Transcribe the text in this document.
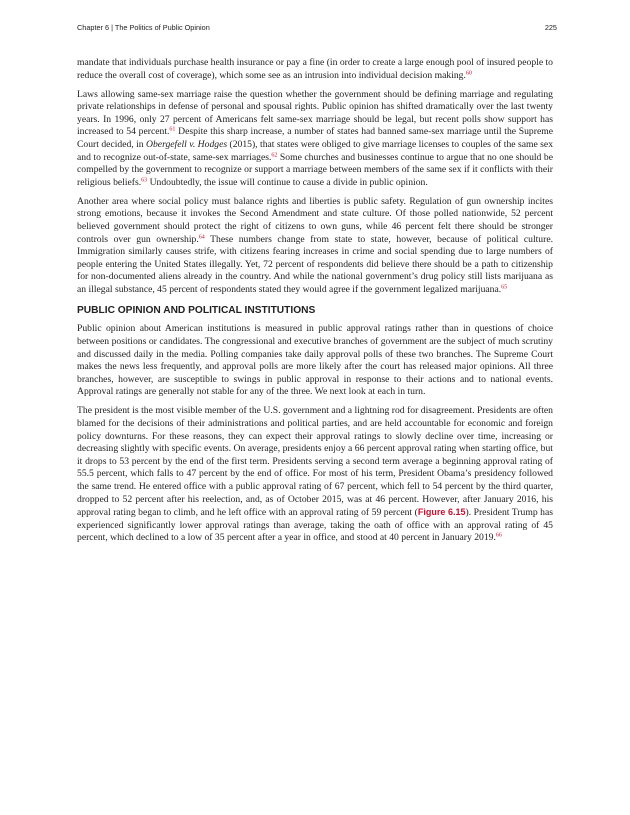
Chapter 6 | The Politics of Public Opinion	225

mandate that individuals purchase health insurance or pay a fine (in order to create a large enough pool of insured people to reduce the overall cost of coverage), which some see as an intrusion into individual decision making.$^{60}$

Laws allowing same-sex marriage raise the question whether the government should be defining marriage and regulating private relationships in defense of personal and spousal rights. Public opinion has shifted dramatically over the last twenty years. In 1996, only 27 percent of Americans felt same-sex marriage should be legal, but recent polls show support has increased to 54 percent.$^{61}$ Despite this sharp increase, a number of states had banned same-sex marriage until the Supreme Court decided, in Obergefell v. Hodges (2015), that states were obliged to give marriage licenses to couples of the same sex and to recognize out-of-state, same-sex marriages.$^{62}$ Some churches and businesses continue to argue that no one should be compelled by the government to recognize or support a marriage between members of the same sex if it conflicts with their religious beliefs.$^{63}$ Undoubtedly, the issue will continue to cause a divide in public opinion.

Another area where social policy must balance rights and liberties is public safety. Regulation of gun ownership incites strong emotions, because it invokes the Second Amendment and state culture. Of those polled nationwide, 52 percent believed government should protect the right of citizens to own guns, while 46 percent felt there should be stronger controls over gun ownership.$^{64}$ These numbers change from state to state, however, because of political culture. Immigration similarly causes strife, with citizens fearing increases in crime and social spending due to large numbers of people entering the United States illegally. Yet, 72 percent of respondents did believe there should be a path to citizenship for non-documented aliens already in the country. And while the national government’s drug policy still lists marijuana as an illegal substance, 45 percent of respondents stated they would agree if the government legalized marijuana.$^{65}$

PUBLIC OPINION AND POLITICAL INSTITUTIONS

Public opinion about American institutions is measured in public approval ratings rather than in questions of choice between positions or candidates. The congressional and executive branches of government are the subject of much scrutiny and discussed daily in the media. Polling companies take daily approval polls of these two branches. The Supreme Court makes the news less frequently, and approval polls are more likely after the court has released major opinions. All three branches, however, are susceptible to swings in public approval in response to their actions and to national events. Approval ratings are generally not stable for any of the three. We next look at each in turn.

The president is the most visible member of the U.S. government and a lightning rod for disagreement. Presidents are often blamed for the decisions of their administrations and political parties, and are held accountable for economic and foreign policy downturns. For these reasons, they can expect their approval ratings to slowly decline over time, increasing or decreasing slightly with specific events. On average, presidents enjoy a 66 percent approval rating when starting office, but it drops to 53 percent by the end of the first term. Presidents serving a second term average a beginning approval rating of 55.5 percent, which falls to 47 percent by the end of office. For most of his term, President Obama’s presidency followed the same trend. He entered office with a public approval rating of 67 percent, which fell to 54 percent by the third quarter, dropped to 52 percent after his reelection, and, as of October 2015, was at 46 percent. However, after January 2016, his approval rating began to climb, and he left office with an approval rating of 59 percent (Figure 6.15). President Trump has experienced significantly lower approval ratings than average, taking the oath of office with an approval rating of 45 percent, which declined to a low of 35 percent after a year in office, and stood at 40 percent in January 2019.66
